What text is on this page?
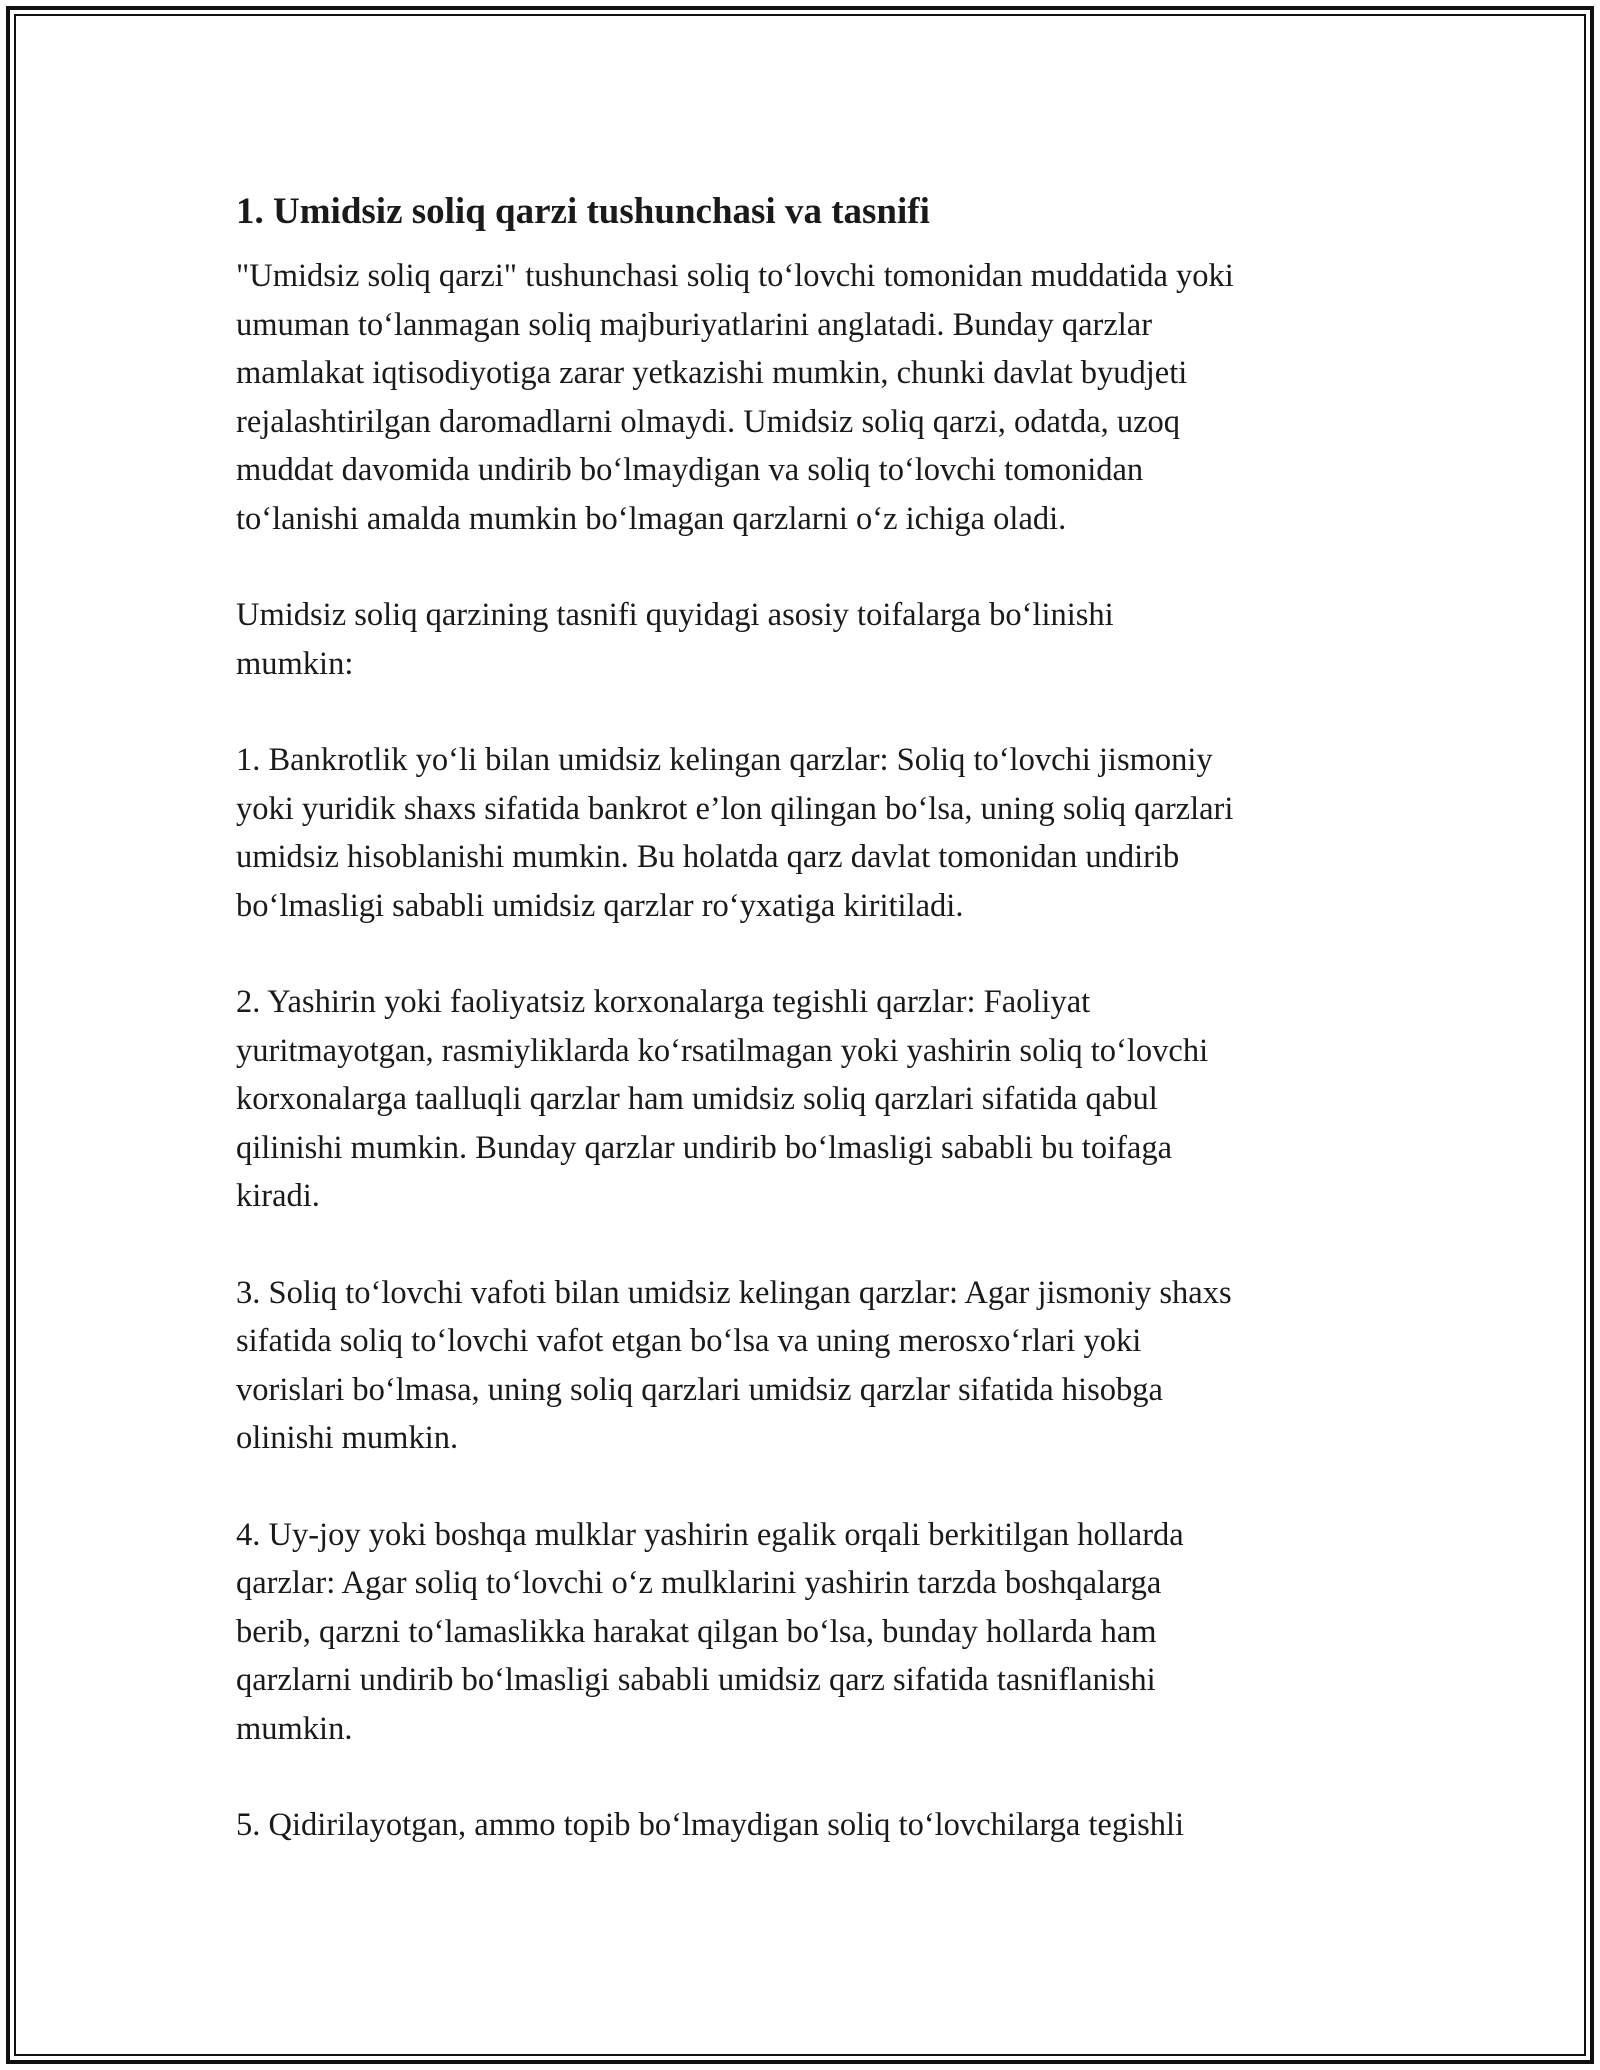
1. Umidsiz soliq qarzi tushunchasi va tasnifi

"Umidsiz soliq qarzi" tushunchasi soliq to‘lovchi tomonidan muddatida yoki
umuman to‘lanmagan soliq majburiyatlarini anglatadi. Bunday qarzlar
mamlakat iqtisodiyotiga zarar yetkazishi mumkin, chunki davlat byudjeti
rejalashtirilgan daromadlarni olmaydi. Umidsiz soliq qarzi, odatda, uzoq
muddat davomida undirib bo‘lmaydigan va soliq to‘lovchi tomonidan
to‘lanishi amalda mumkin bo‘lmagan qarzlarni o‘z ichiga oladi.

Umidsiz soliq qarzining tasnifi quyidagi asosiy toifalarga bo‘linishi
mumkin:

1. Bankrotlik yo‘li bilan umidsiz kelingan qarzlar: Soliq to‘lovchi jismoniy
yoki yuridik shaxs sifatida bankrot e’lon qilingan bo‘lsa, uning soliq qarzlari
umidsiz hisoblanishi mumkin. Bu holatda qarz davlat tomonidan undirib
bo‘lmasligi sababli umidsiz qarzlar ro‘yxatiga kiritiladi.

2. Yashirin yoki faoliyatsiz korxonalarga tegishli qarzlar: Faoliyat
yuritmayotgan, rasmiyliklarda ko‘rsatilmagan yoki yashirin soliq to‘lovchi
korxonalarga taalluqli qarzlar ham umidsiz soliq qarzlari sifatida qabul
qilinishi mumkin. Bunday qarzlar undirib bo‘lmasligi sababli bu toifaga
kiradi.

3. Soliq to‘lovchi vafoti bilan umidsiz kelingan qarzlar: Agar jismoniy shaxs
sifatida soliq to‘lovchi vafot etgan bo‘lsa va uning merosxo‘rlari yoki
vorislari bo‘lmasa, uning soliq qarzlari umidsiz qarzlar sifatida hisobga
olinishi mumkin.

4. Uy-joy yoki boshqa mulklar yashirin egalik orqali berkitilgan hollarda
qarzlar: Agar soliq to‘lovchi o‘z mulklarini yashirin tarzda boshqalarga
berib, qarzni to‘lamaslikka harakat qilgan bo‘lsa, bunday hollarda ham
qarzlarni undirib bo‘lmasligi sababli umidsiz qarz sifatida tasniflanishi
mumkin.

5. Qidirilayotgan, ammo topib bo‘lmaydigan soliq to‘lovchilarga tegishli
